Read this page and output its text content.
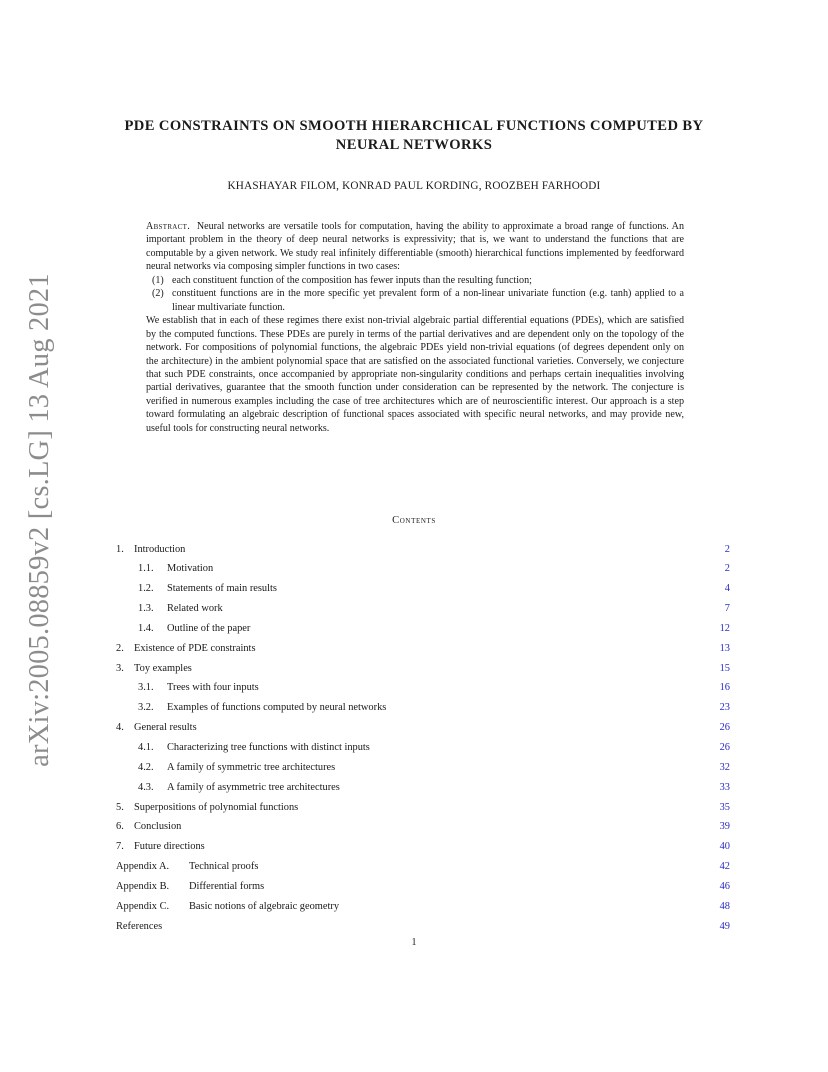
arXiv:2005.08859v2 [cs.LG] 13 Aug 2021
PDE CONSTRAINTS ON SMOOTH HIERARCHICAL FUNCTIONS COMPUTED BY
NEURAL NETWORKS
KHASHAYAR FILOM, KONRAD PAUL KORDING, ROOZBEH FARHOODI

Abstract. Neural networks are versatile tools for computation, having the ability to approximate a broad range of functions. An important problem in the theory of deep neural networks is expressivity; that is, we want to understand the functions that are computable by a given network. We study real infinitely differentiable (smooth) hierarchical functions implemented by feedforward neural networks via composing simpler functions in two cases:

(1) each constituent function of the composition has fewer inputs than the resulting function;
(2) constituent functions are in the more specific yet prevalent form of a non-linear univariate function (e.g. tanh) applied to a linear multivariate function.

We establish that in each of these regimes there exist non-trivial algebraic partial differential equations (PDEs), which are satisfied by the computed functions. These PDEs are purely in terms of the partial derivatives and are dependent only on the topology of the network. For compositions of polynomial functions, the algebraic PDEs yield non-trivial equations (of degrees dependent only on the architecture) in the ambient polynomial space that are satisfied on the associated functional varieties. Conversely, we conjecture that such PDE constraints, once accompanied by appropriate non-singularity conditions and perhaps certain inequalities involving partial derivatives, guarantee that the smooth function under consideration can be represented by the network. The conjecture is verified in numerous examples including the case of tree architectures which are of neuroscientific interest. Our approach is a step toward formulating an algebraic description of functional spaces associated with specific neural networks, and may provide new, useful tools for constructing neural networks.

Contents
1. Introduction	2
1.1. Motivation	2
1.2. Statements of main results	4
1.3. Related work	7
1.4. Outline of the paper	12
2. Existence of PDE constraints	13
3. Toy examples	15
3.1. Trees with four inputs	16
3.2. Examples of functions computed by neural networks	23
4. General results	26
4.1. Characterizing tree functions with distinct inputs	26
4.2. A family of symmetric tree architectures	32
4.3. A family of asymmetric tree architectures	33
5. Superpositions of polynomial functions	35
6. Conclusion	39
7. Future directions	40
Appendix A. Technical proofs	42
Appendix B. Differential forms	46
Appendix C. Basic notions of algebraic geometry	48
References	49
1
